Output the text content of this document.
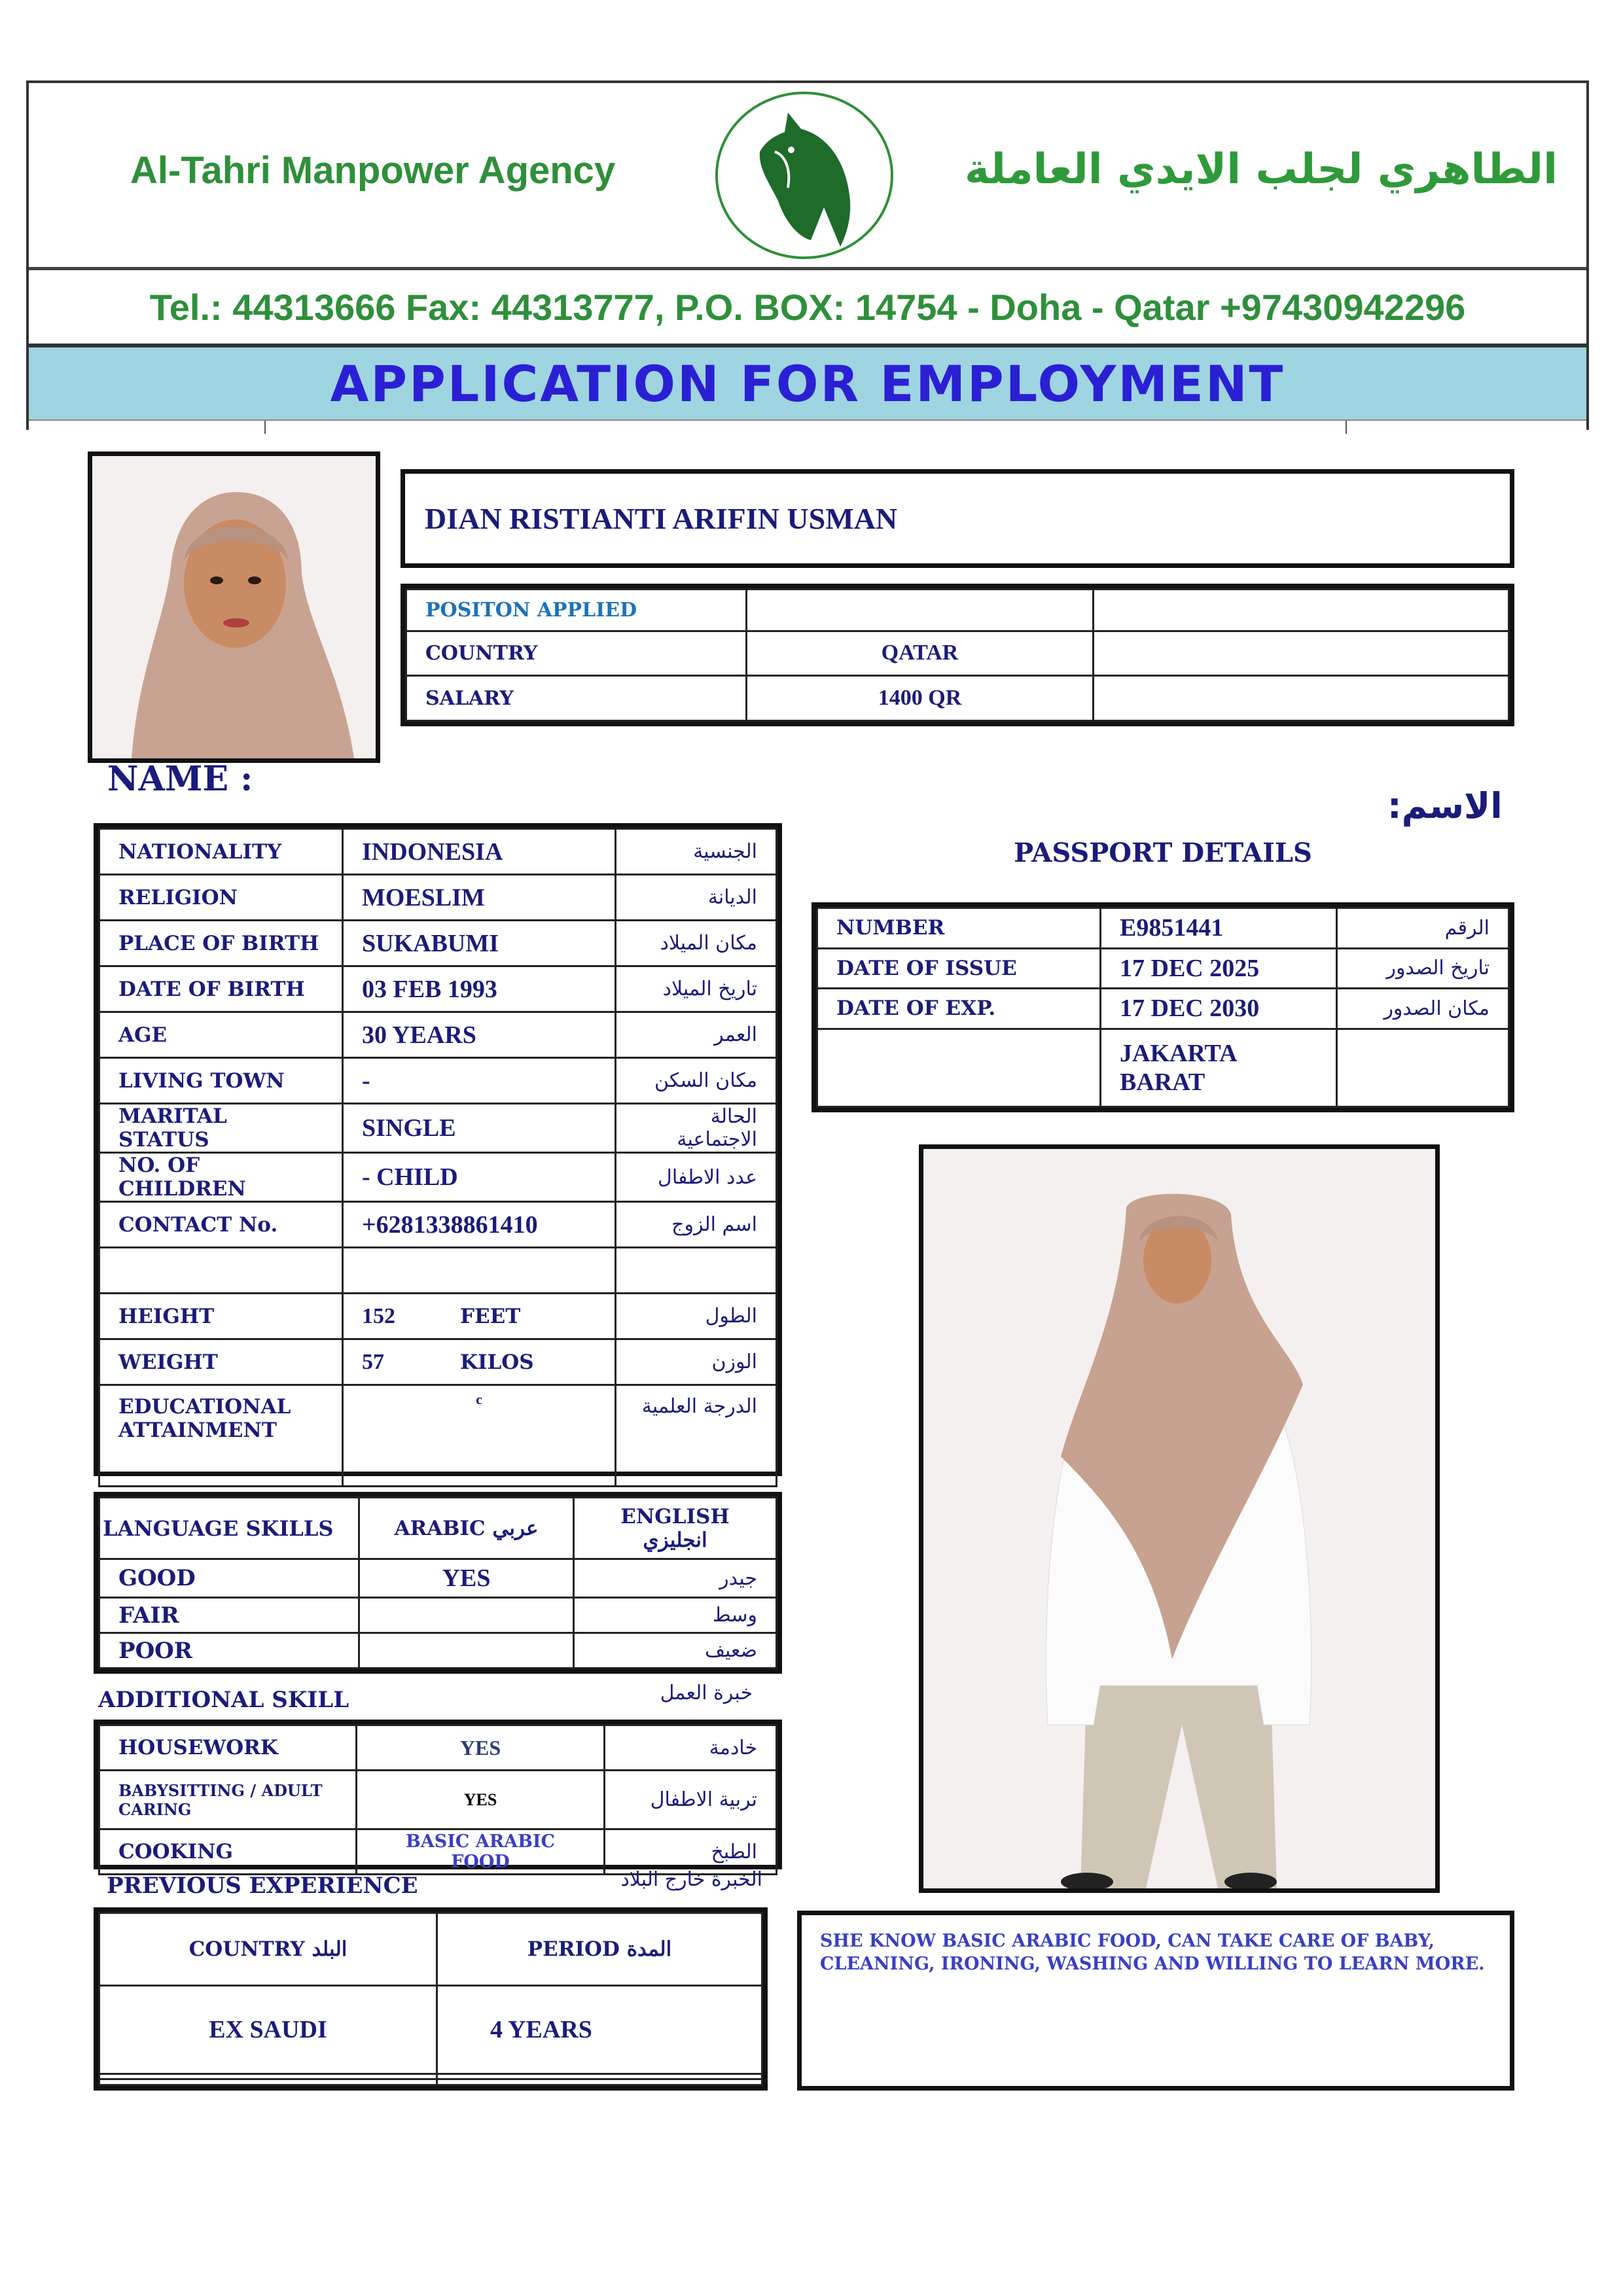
Al-Tahri Manpower Agency	الطاهري لجلب الايدي العاملة
Tel.: 44313666 Fax: 44313777, P.O. BOX: 14754 - Doha - Qatar +97430942296
APPLICATION FOR EMPLOYMENT
DIAN RISTIANTI ARIFIN USMAN
POSITON APPLIED		
COUNTRY	QATAR	
SALARY	1400 QR	
NAME :
الاسم:
NATIONALITY	INDONESIA	الجنسية
RELIGION	MOESLIM	الديانة
PLACE OF BIRTH	SUKABUMI	مكان الميلاد
DATE OF BIRTH	03 FEB 1993	تاريخ الميلاد
AGE	30 YEARS	العمر
LIVING TOWN	-	مكان السكن
MARITAL STATUS	SINGLE	الحالة الاجتماعية
NO. OF CHILDREN	- CHILD	عدد الاطفال
CONTACT No.	+6281338861410	اسم الزوج

HEIGHT	152 FEET	الطول
WEIGHT	57 KILOS	الوزن
EDUCATIONAL ATTAINMENT	c	الدرجة العلمية
PASSPORT DETAILS
NUMBER	E9851441	الرقم
DATE OF ISSUE	17 DEC 2025	تاريخ الصدور
DATE OF EXP.	17 DEC 2030	مكان الصدور
	JAKARTA BARAT	
LANGUAGE SKILLS	ARABIC عربي	ENGLISH انجليزي
GOOD	YES	جيدر
FAIR		وسط
POOR		ضعيف
ADDITIONAL SKILL	خبرة العمل
HOUSEWORK	YES	خادمة
BABYSITTING / ADULT CARING	YES	تربية الاطفال
COOKING	BASIC ARABIC FOOD	الطبخ
PREVIOUS EXPERIENCE	الخبرة خارج البلاد
COUNTRY البلد	PERIOD المدة
EX SAUDI	4 YEARS

SHE KNOW BASIC ARABIC FOOD, CAN TAKE CARE OF BABY, CLEANING, IRONING, WASHING AND WILLING TO LEARN MORE.
